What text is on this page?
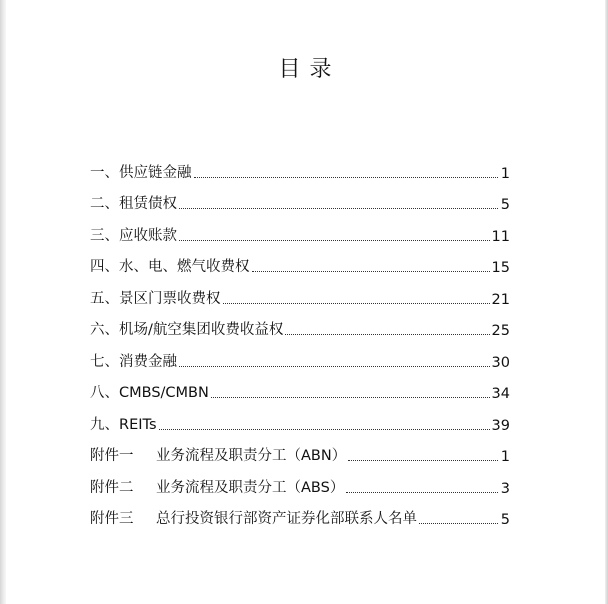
目 录
一、供应链金融	1
二、租赁债权	5
三、应收账款	11
四、水、电、燃气收费权	15
五、景区门票收费权	21
六、机场/航空集团收费收益权	25
七、消费金融	30
八、CMBS/CMBN	34
九、REITs	39
附件一 业务流程及职责分工（ABN）	1
附件二 业务流程及职责分工（ABS）	3
附件三 总行投资银行部资产证券化部联系人名单	5
